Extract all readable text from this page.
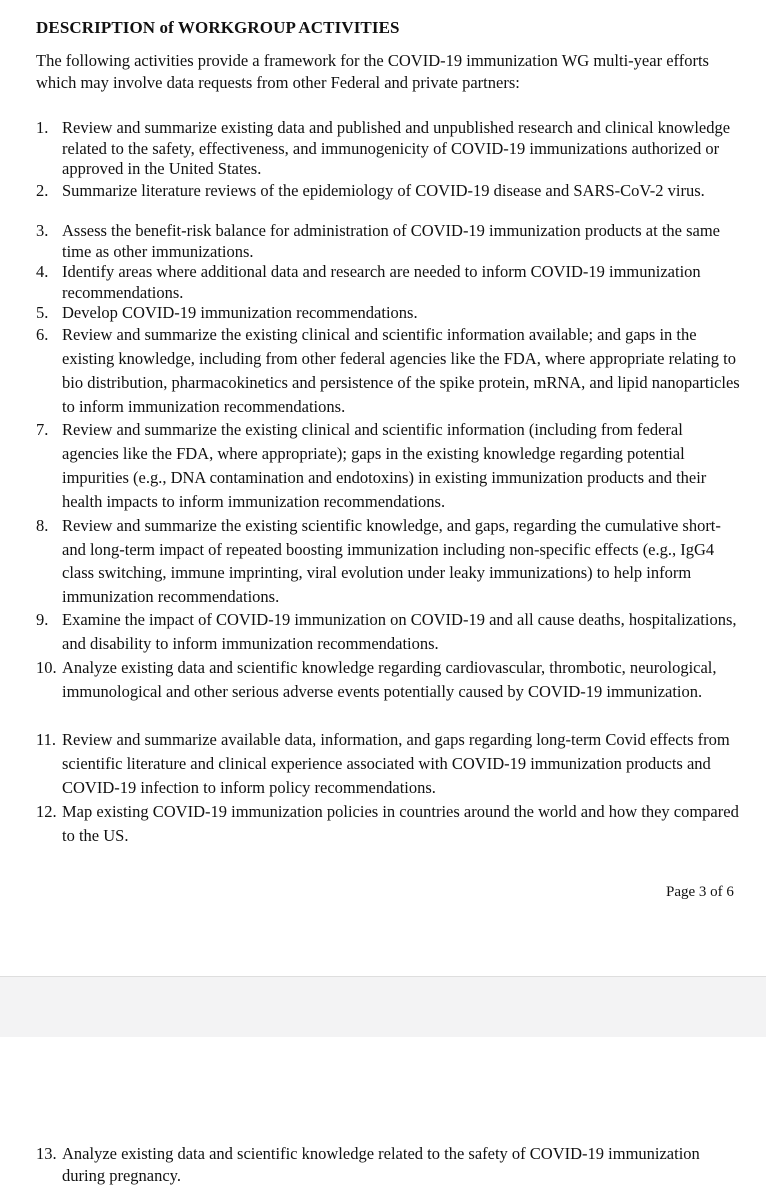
DESCRIPTION of WORKGROUP ACTIVITIES
The following activities provide a framework for the COVID-19 immunization WG multi-year efforts which may involve data requests from other Federal and private partners:
1. Review and summarize existing data and published and unpublished research and clinical knowledge related to the safety, effectiveness, and immunogenicity of COVID-19 immunizations authorized or approved in the United States.
2. Summarize literature reviews of the epidemiology of COVID-19 disease and SARS-CoV-2 virus.
3. Assess the benefit-risk balance for administration of COVID-19 immunization products at the same time as other immunizations.
4. Identify areas where additional data and research are needed to inform COVID-19 immunization recommendations.
5. Develop COVID-19 immunization recommendations.
6. Review and summarize the existing clinical and scientific information available; and gaps in the existing knowledge, including from other federal agencies like the FDA, where appropriate relating to bio distribution, pharmacokinetics and persistence of the spike protein, mRNA, and lipid nanoparticles to inform immunization recommendations.
7. Review and summarize the existing clinical and scientific information (including from federal agencies like the FDA, where appropriate); gaps in the existing knowledge regarding potential impurities (e.g., DNA contamination and endotoxins) in existing immunization products and their health impacts to inform immunization recommendations.
8. Review and summarize the existing scientific knowledge, and gaps, regarding the cumulative short- and long-term impact of repeated boosting immunization including non-specific effects (e.g., IgG4 class switching, immune imprinting, viral evolution under leaky immunizations) to help inform immunization recommendations.
9. Examine the impact of COVID-19 immunization on COVID-19 and all cause deaths, hospitalizations, and disability to inform immunization recommendations.
10. Analyze existing data and scientific knowledge regarding cardiovascular, thrombotic, neurological, immunological and other serious adverse events potentially caused by COVID-19 immunization.
11. Review and summarize available data, information, and gaps regarding long-term Covid effects from scientific literature and clinical experience associated with COVID-19 immunization products and COVID-19 infection to inform policy recommendations.
12. Map existing COVID-19 immunization policies in countries around the world and how they compared to the US.
Page 3 of 6
13. Analyze existing data and scientific knowledge related to the safety of COVID-19 immunization during pregnancy.
